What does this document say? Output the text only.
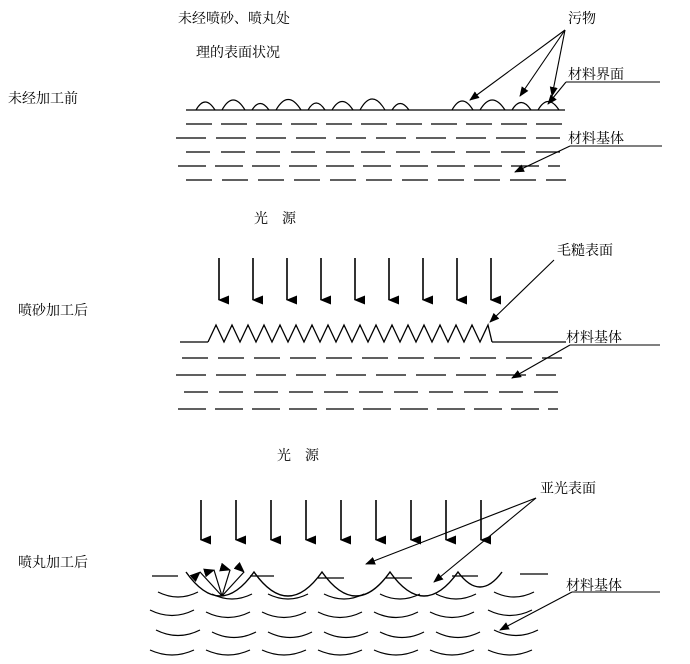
未经喷砂、喷丸处
理的表面状况
未经加工前
喷砂加工后
喷丸加工后
污物
材料界面
材料基体
毛糙表面
材料基体
亚光表面
材料基体
光　源
光　源
